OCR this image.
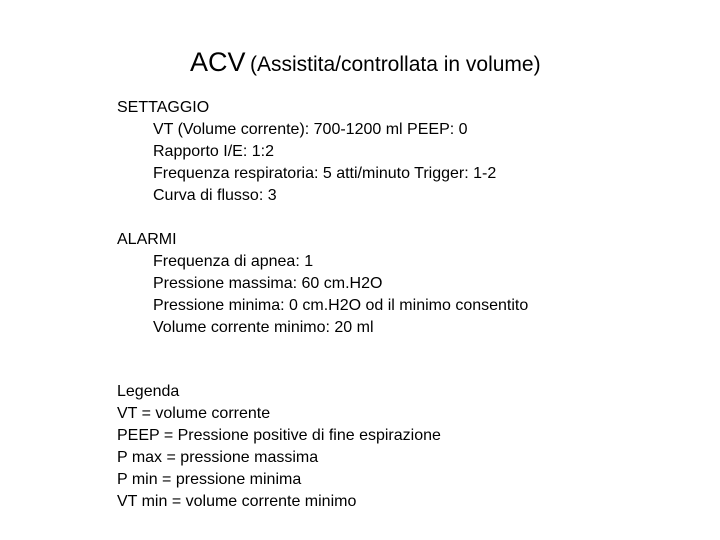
ACV (Assistita/controllata in volume)
SETTAGGIO
VT (Volume corrente): 700-1200 ml PEEP: 0
Rapporto I/E: 1:2
Frequenza respiratoria: 5 atti/minuto Trigger: 1-2
Curva di flusso: 3
ALARMI
Frequenza di apnea: 1
Pressione massima: 60 cm.H2O
Pressione minima: 0 cm.H2O od il minimo consentito
Volume corrente minimo: 20 ml
Legenda
VT = volume corrente
PEEP = Pressione positive di fine espirazione
P max = pressione massima
P min = pressione minima
VT min = volume corrente minimo
